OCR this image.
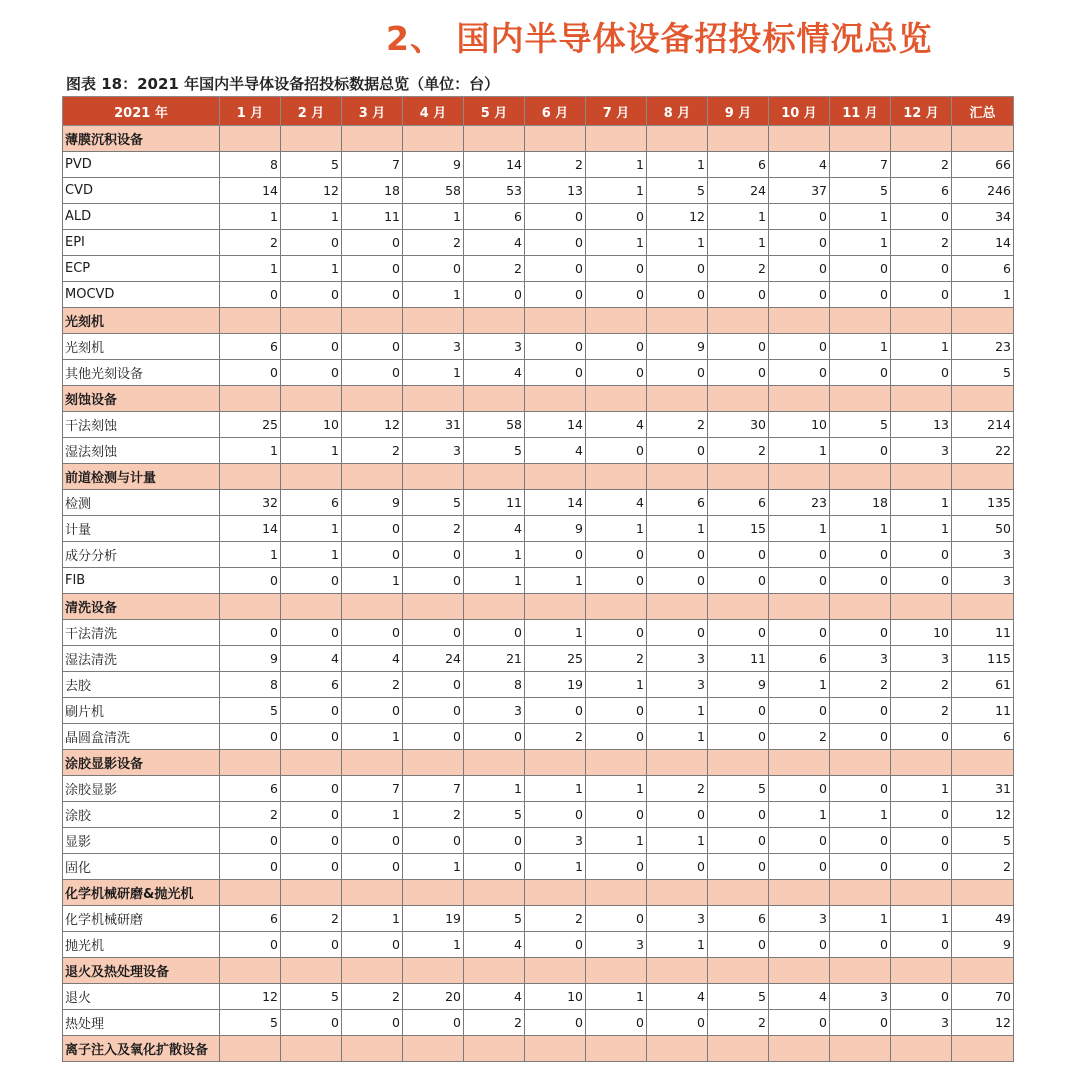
2、 国内半导体设备招投标情况总览
图表 18：2021 年国内半导体设备招投标数据总览（单位：台）
2021 年	1 月	2 月	3 月	4 月	5 月	6 月	7 月	8 月	9 月	10 月	11 月	12 月	汇总
薄膜沉积设备													
PVD	8	5	7	9	14	2	1	1	6	4	7	2	66
CVD	14	12	18	58	53	13	1	5	24	37	5	6	246
ALD	1	1	11	1	6	0	0	12	1	0	1	0	34
EPI	2	0	0	2	4	0	1	1	1	0	1	2	14
ECP	1	1	0	0	2	0	0	0	2	0	0	0	6
MOCVD	0	0	0	1	0	0	0	0	0	0	0	0	1
光刻机													
光刻机	6	0	0	3	3	0	0	9	0	0	1	1	23
其他光刻设备	0	0	0	1	4	0	0	0	0	0	0	0	5
刻蚀设备													
干法刻蚀	25	10	12	31	58	14	4	2	30	10	5	13	214
湿法刻蚀	1	1	2	3	5	4	0	0	2	1	0	3	22
前道检测与计量													
检测	32	6	9	5	11	14	4	6	6	23	18	1	135
计量	14	1	0	2	4	9	1	1	15	1	1	1	50
成分分析	1	1	0	0	1	0	0	0	0	0	0	0	3
FIB	0	0	1	0	1	1	0	0	0	0	0	0	3
清洗设备													
干法清洗	0	0	0	0	0	1	0	0	0	0	0	10	11
湿法清洗	9	4	4	24	21	25	2	3	11	6	3	3	115
去胶	8	6	2	0	8	19	1	3	9	1	2	2	61
刷片机	5	0	0	0	3	0	0	1	0	0	0	2	11
晶圆盒清洗	0	0	1	0	0	2	0	1	0	2	0	0	6
涂胶显影设备													
涂胶显影	6	0	7	7	1	1	1	2	5	0	0	1	31
涂胶	2	0	1	2	5	0	0	0	0	1	1	0	12
显影	0	0	0	0	0	3	1	1	0	0	0	0	5
固化	0	0	0	1	0	1	0	0	0	0	0	0	2
化学机械研磨&抛光机													
化学机械研磨	6	2	1	19	5	2	0	3	6	3	1	1	49
抛光机	0	0	0	1	4	0	3	1	0	0	0	0	9
退火及热处理设备													
退火	12	5	2	20	4	10	1	4	5	4	3	0	70
热处理	5	0	0	0	2	0	0	0	2	0	0	3	12
离子注入及氧化扩散设备													
